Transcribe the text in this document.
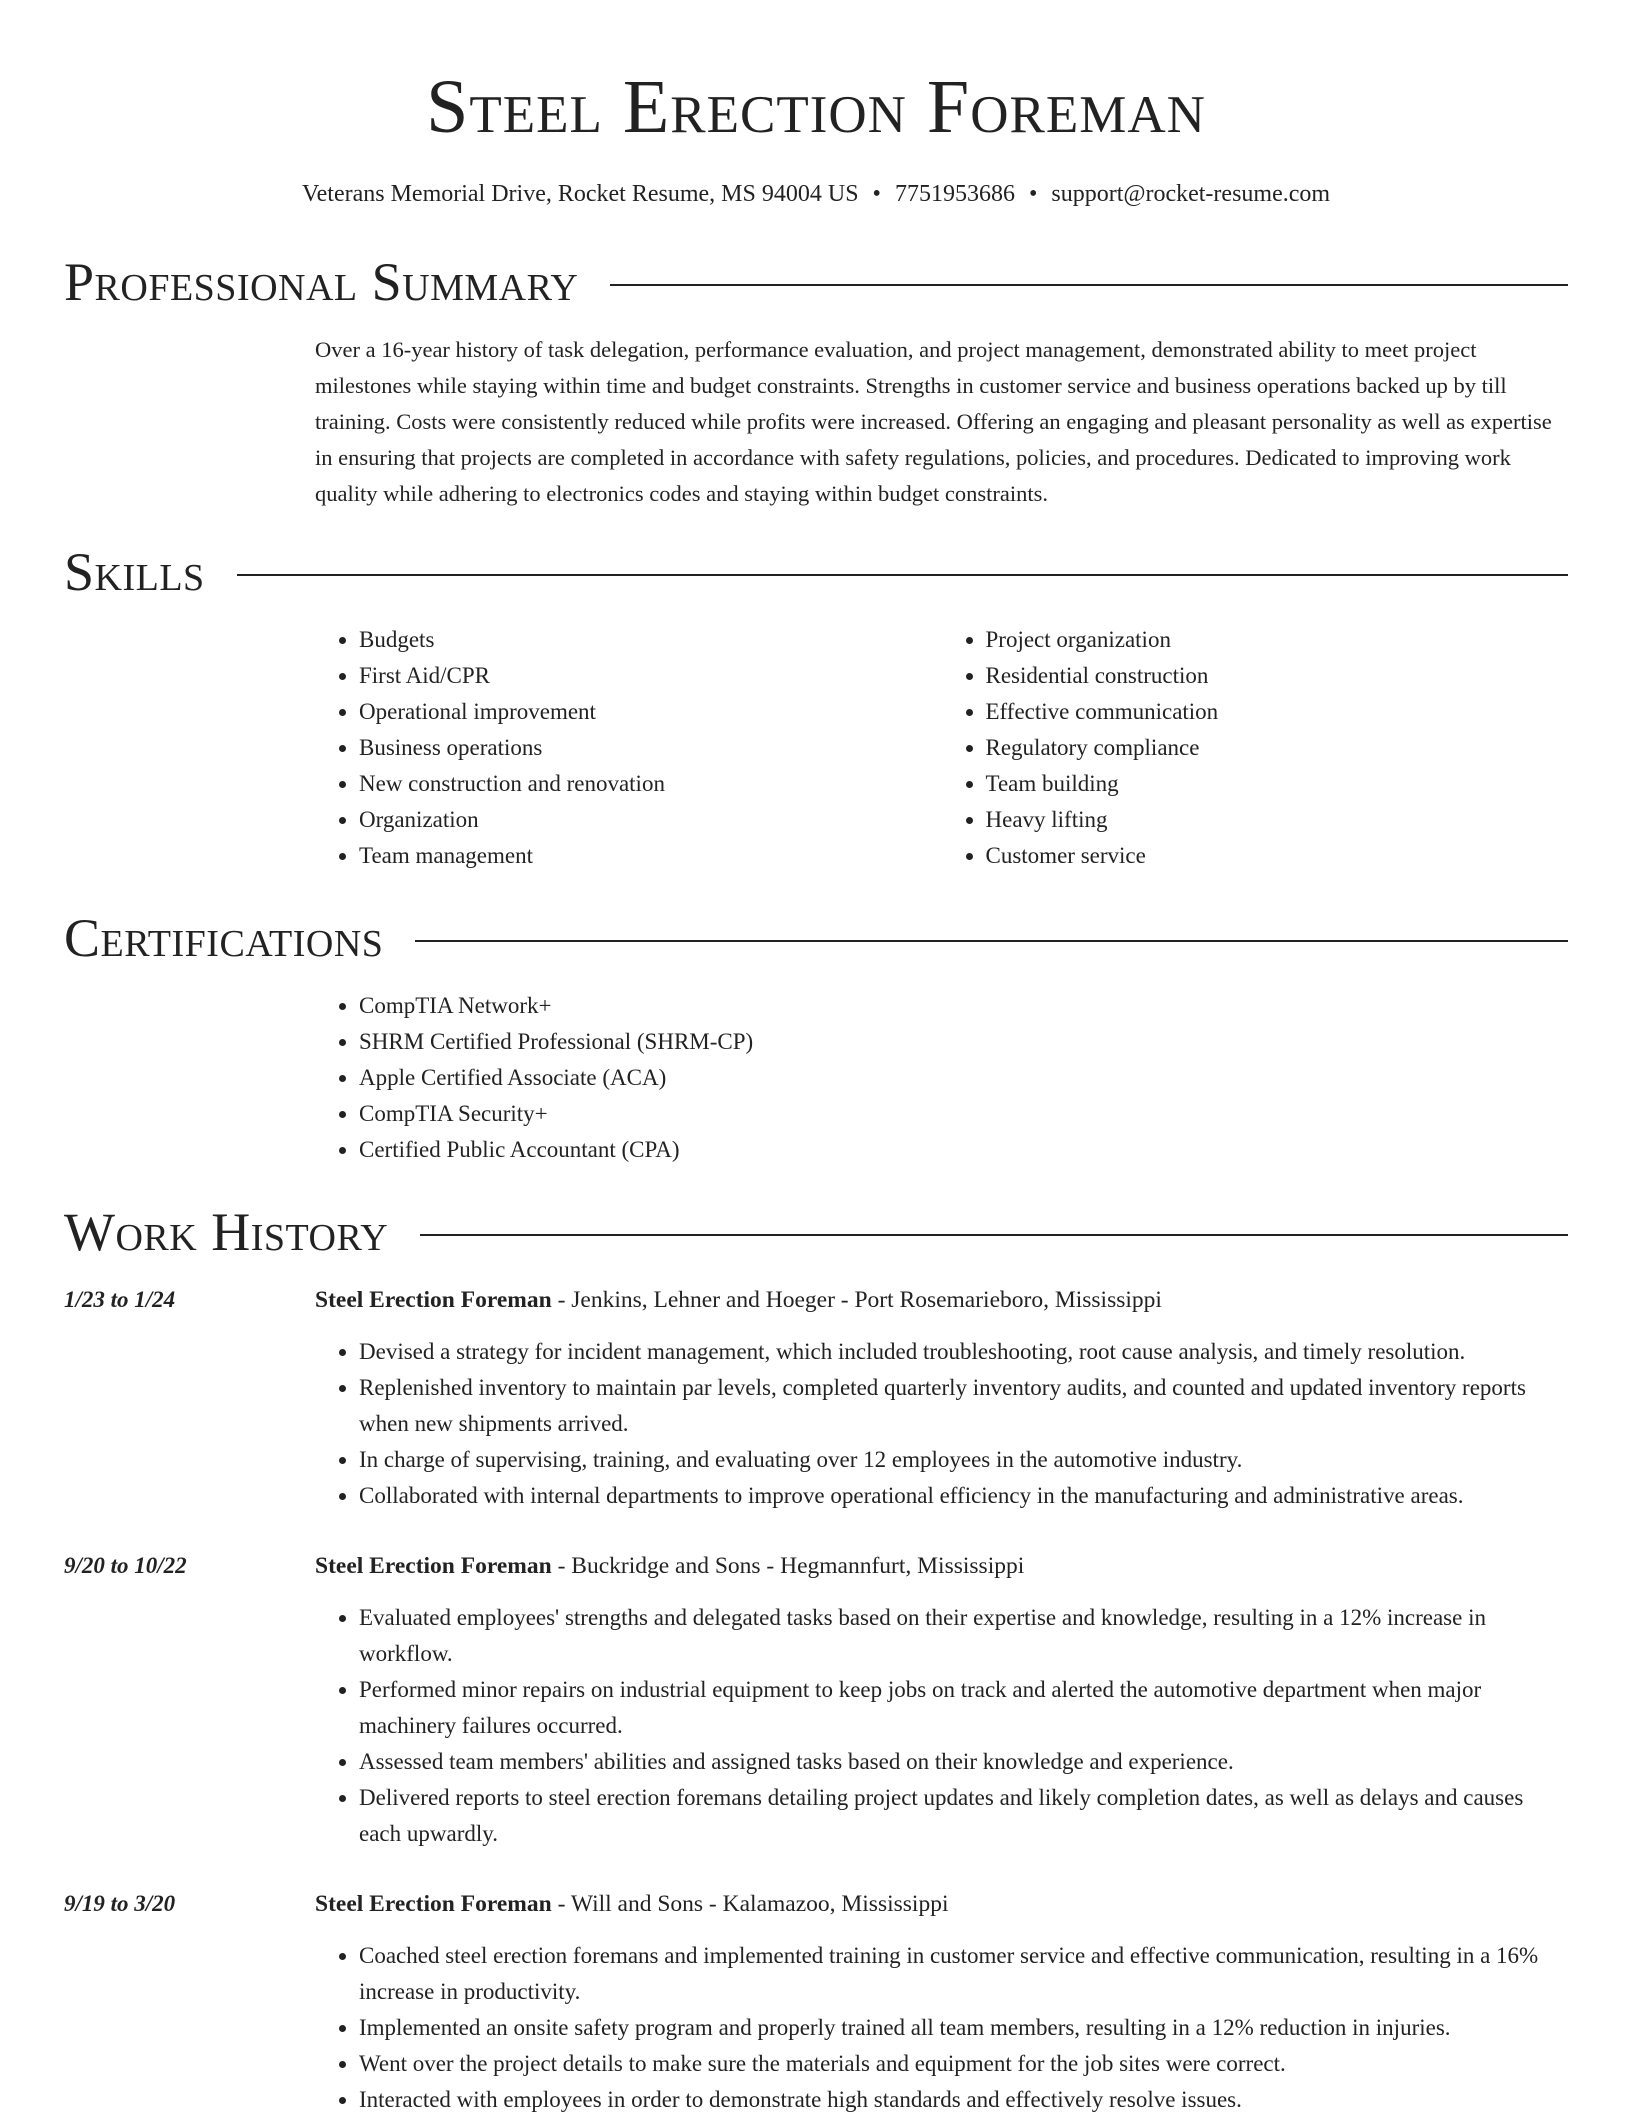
Steel Erection Foreman
Veterans Memorial Drive, Rocket Resume, MS 94004 US • 7751953686 • support@rocket-resume.com
Professional Summary
Over a 16-year history of task delegation, performance evaluation, and project management, demonstrated ability to meet project milestones while staying within time and budget constraints. Strengths in customer service and business operations backed up by till training. Costs were consistently reduced while profits were increased. Offering an engaging and pleasant personality as well as expertise in ensuring that projects are completed in accordance with safety regulations, policies, and procedures. Dedicated to improving work quality while adhering to electronics codes and staying within budget constraints.
Skills
• Budgets
• First Aid/CPR
• Operational improvement
• Business operations
• New construction and renovation
• Organization
• Team management
• Project organization
• Residential construction
• Effective communication
• Regulatory compliance
• Team building
• Heavy lifting
• Customer service
Certifications
• CompTIA Network+
• SHRM Certified Professional (SHRM-CP)
• Apple Certified Associate (ACA)
• CompTIA Security+
• Certified Public Accountant (CPA)
Work History
1/23 to 1/24	Steel Erection Foreman - Jenkins, Lehner and Hoeger - Port Rosemarieboro, Mississippi
• Devised a strategy for incident management, which included troubleshooting, root cause analysis, and timely resolution.
• Replenished inventory to maintain par levels, completed quarterly inventory audits, and counted and updated inventory reports when new shipments arrived.
• In charge of supervising, training, and evaluating over 12 employees in the automotive industry.
• Collaborated with internal departments to improve operational efficiency in the manufacturing and administrative areas.
9/20 to 10/22	Steel Erection Foreman - Buckridge and Sons - Hegmannfurt, Mississippi
• Evaluated employees' strengths and delegated tasks based on their expertise and knowledge, resulting in a 12% increase in workflow.
• Performed minor repairs on industrial equipment to keep jobs on track and alerted the automotive department when major machinery failures occurred.
• Assessed team members' abilities and assigned tasks based on their knowledge and experience.
• Delivered reports to steel erection foremans detailing project updates and likely completion dates, as well as delays and causes each upwardly.
9/19 to 3/20	Steel Erection Foreman - Will and Sons - Kalamazoo, Mississippi
• Coached steel erection foremans and implemented training in customer service and effective communication, resulting in a 16% increase in productivity.
• Implemented an onsite safety program and properly trained all team members, resulting in a 12% reduction in injuries.
• Went over the project details to make sure the materials and equipment for the job sites were correct.
• Interacted with employees in order to demonstrate high standards and effectively resolve issues.
